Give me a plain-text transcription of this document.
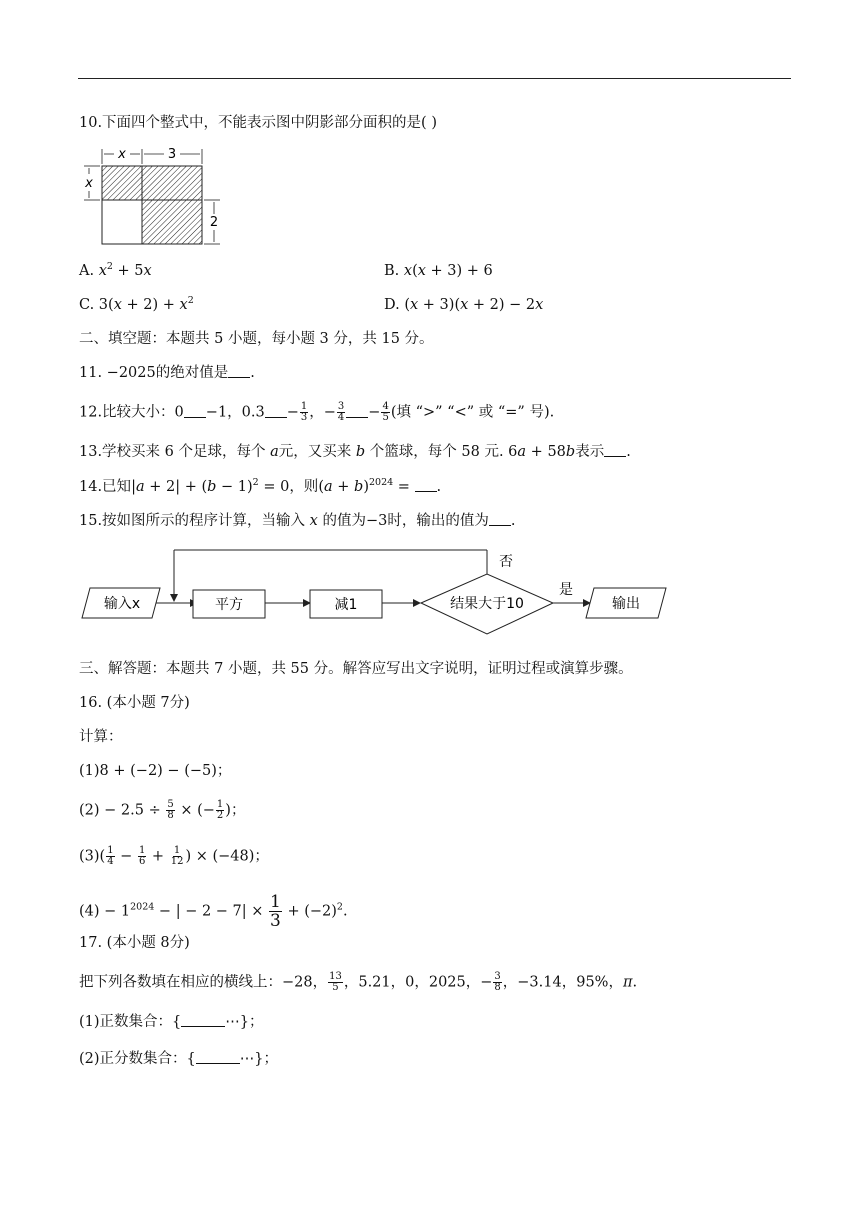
10.下面四个整式中，不能表示图中阴影部分面积的是( )
x	3
x
2
A. $x^2 + 5x$	B. x(x + 3) + 6
C. $3(x + 2) + x^2$	D. (x + 3)(x + 2) − 2x
二、填空题：本题共 5 小题，每小题 3 分，共 15 分。
11. −2025的绝对值是 .
12.比较大小：0 −1，$0.3 - \frac{1}{3}$ ，− $\frac{3}{4} - \frac{4}{5}$ (填 “>” “<” 或 “=” 号).
13.学校买来 6 个足球，每个 a元，又买来 b 个篮球，每个 58 元. 6a + 58b表示 .
14.已知$|a + 2| + (b - 1)^2 = 0$，则$(a + b)^{2024}$ = .
15.按如图所示的程序计算，当输入 x 的值为−3时，输出的值为 .
输入x	平方	减1	结果大于10
否
是
输出
三、解答题：本题共 7 小题，共 55 分。解答应写出文字说明，证明过程或演算步骤。
16. (本小题 7分)
计算：
(1)8 + (−2) − (−5)；
$(2) - 2.5 \div \frac{5}{8}$ × (− $\frac{1}{2}$ )；
$(3)( \frac{1}{4} - \frac{1}{6} + \frac{1}{12}$ ) × (−48)；
$(4) - 1^{2024}$ − | − $2 - 7| \times \frac{1}{3} + (-2)^2$.
17. (本小题 8分)
把下列各数填在相应的横线上：−28， $\frac{13}{5}$ ，5.21，0，2025，− $\frac{3}{8}$ ，−3.14，95%，π.
(1)正数集合：{	⋯}；
(2)正分数集合：{	⋯}；
